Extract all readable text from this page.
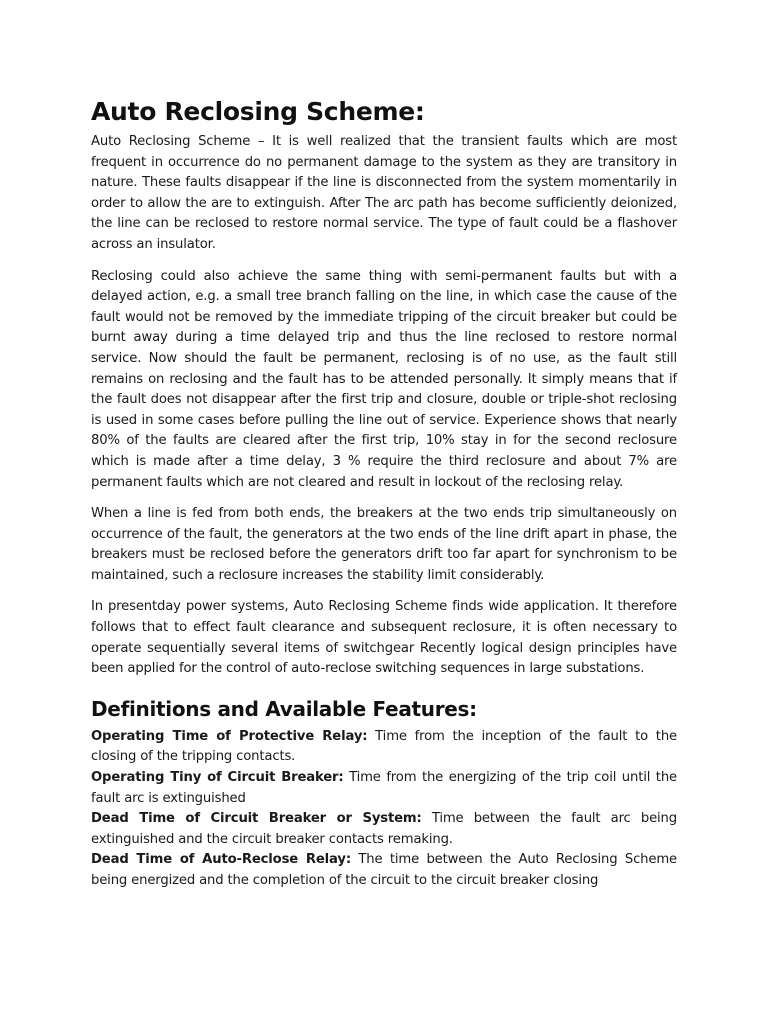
Auto Reclosing Scheme:

Auto Reclosing Scheme – It is well realized that the transient faults which are most frequent in occurrence do no permanent damage to the system as they are transitory in nature. These faults disappear if the line is disconnected from the system momentarily in order to allow the are to extinguish. After The arc path has become sufficiently deionized, the line can be reclosed to restore normal service. The type of fault could be a flashover across an insulator.

Reclosing could also achieve the same thing with semi-permanent faults but with a delayed action, e.g. a small tree branch falling on the line, in which case the cause of the fault would not be removed by the immediate tripping of the circuit breaker but could be burnt away during a time delayed trip and thus the line reclosed to restore normal service. Now should the fault be permanent, reclosing is of no use, as the fault still remains on reclosing and the fault has to be attended personally. It simply means that if the fault does not disappear after the first trip and closure, double or triple-shot reclosing is used in some cases before pulling the line out of service. Experience shows that nearly 80% of the faults are cleared after the first trip, 10% stay in for the second reclosure which is made after a time delay, 3 % require the third reclosure and about 7% are permanent faults which are not cleared and result in lockout of the reclosing relay.

When a line is fed from both ends, the breakers at the two ends trip simultaneously on occurrence of the fault, the generators at the two ends of the line drift apart in phase, the breakers must be reclosed before the generators drift too far apart for synchronism to be maintained, such a reclosure increases the stability limit considerably.

In presentday power systems, Auto Reclosing Scheme finds wide application. It therefore follows that to effect fault clearance and subsequent reclosure, it is often necessary to operate sequentially several items of switchgear Recently logical design principles have been applied for the control of auto-reclose switching sequences in large substations.

Definitions and Available Features:

Operating Time of Protective Relay: Time from the inception of the fault to the closing of the tripping contacts.

Operating Tiny of Circuit Breaker: Time from the energizing of the trip coil until the fault arc is extinguished

Dead Time of Circuit Breaker or System: Time between the fault arc being extinguished and the circuit breaker contacts remaking.

Dead Time of Auto-Reclose Relay: The time between the Auto Reclosing Scheme being energized and the completion of the circuit to the circuit breaker closing
